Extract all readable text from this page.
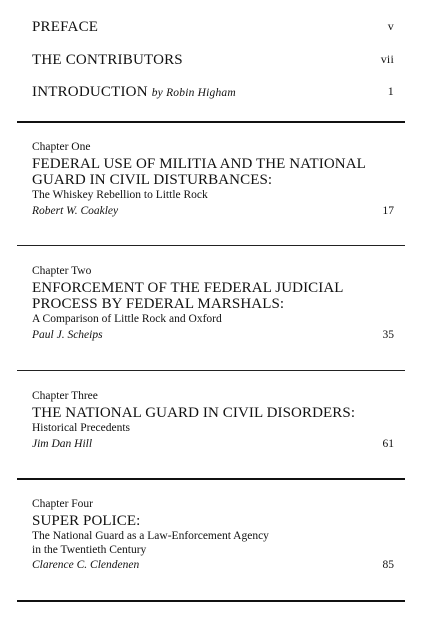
PREFACE	v
THE CONTRIBUTORS	vii
INTRODUCTION by Robin Higham	1

Chapter One

FEDERAL USE OF MILITIA AND THE NATIONAL
GUARD IN CIVIL DISTURBANCES:

The Whiskey Rebellion to Little Rock

Robert W. Coakley	17

Chapter Two

ENFORCEMENT OF THE FEDERAL JUDICIAL
PROCESS BY FEDERAL MARSHALS:

A Comparison of Little Rock and Oxford

Paul J. Scheips	35

Chapter Three

THE NATIONAL GUARD IN CIVIL DISORDERS:

Historical Precedents

Jim Dan Hill	61

Chapter Four

SUPER POLICE:

The National Guard as a Law-Enforcement Agency
in the Twentieth Century

Clarence C. Clendenen	85
